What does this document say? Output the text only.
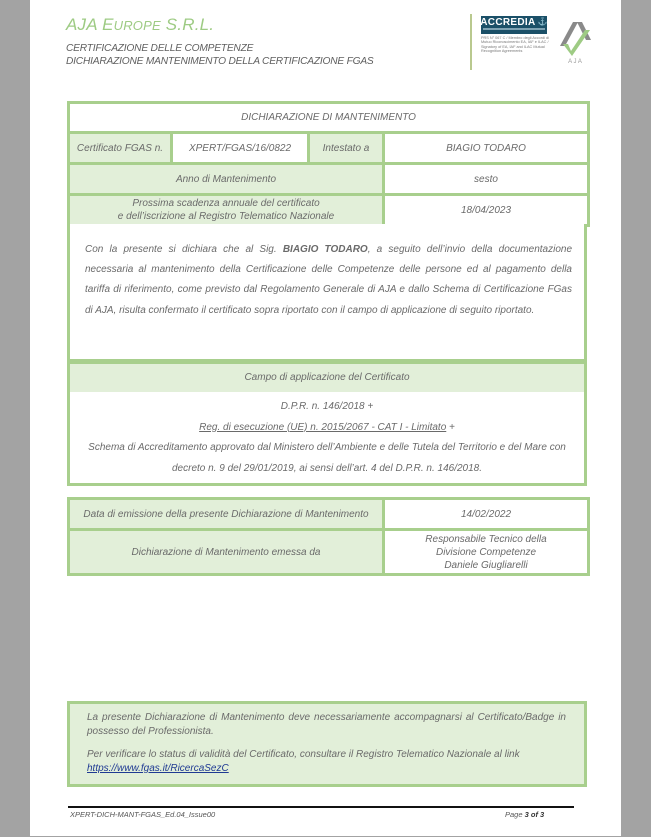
AJA EUROPE S.R.L.
CERTIFICAZIONE DELLE COMPETENZE
DICHIARAZIONE MANTENIMENTO DELLA CERTIFICAZIONE FGAS
ACCREDIA ⚓
PRS N° 067 C / Membro degli Accordi di Mutuo Riconoscimento EA, IAF e ILAC / Signatory of EA, IAF and ILAC Mutual Recognition Agreements
A J A
DICHIARAZIONE DI MANTENIMENTO			
Certificato FGAS n.	XPERT/FGAS/16/0822	Intestato a	BIAGIO TODARO
Anno di Mantenimento			sesto
Prossima scadenza annuale del certificato
e dell’iscrizione al Registro Telematico Nazionale			18/04/2023

Con la presente si dichiara che al Sig. BIAGIO TODARO, a seguito dell’invio della documentazione necessaria al mantenimento della Certificazione delle Competenze delle persone ed al pagamento della tariffa di riferimento, come previsto dal Regolamento Generale di AJA e dallo Schema di Certificazione FGas di AJA, risulta confermato il certificato sopra riportato con il campo di applicazione di seguito riportato.

Campo di applicazione del Certificato
D.P.R. n. 146/2018 +
Reg. di esecuzione (UE) n. 2015/2067 - CAT I - Limitato +
Schema di Accreditamento approvato dal Ministero dell’Ambiente e delle Tutela del Territorio e del Mare con
decreto n. 9 del 29/01/2019, ai sensi dell’art. 4 del D.P.R. n. 146/2018.
Data di emissione della presente Dichiarazione di Mantenimento	14/02/2022
Dichiarazione di Mantenimento emessa da	Responsabile Tecnico della
Divisione Competenze
Daniele Giugliarelli

La presente Dichiarazione di Mantenimento deve necessariamente accompagnarsi al Certificato/Badge in possesso del Professionista.

Per verificare lo status di validità del Certificato, consultare il Registro Telematico Nazionale al link
https://www.fgas.it/RicercaSezC

XPERT-DICH-MANT-FGAS_Ed.04_Issue00	Page 3 of 3
